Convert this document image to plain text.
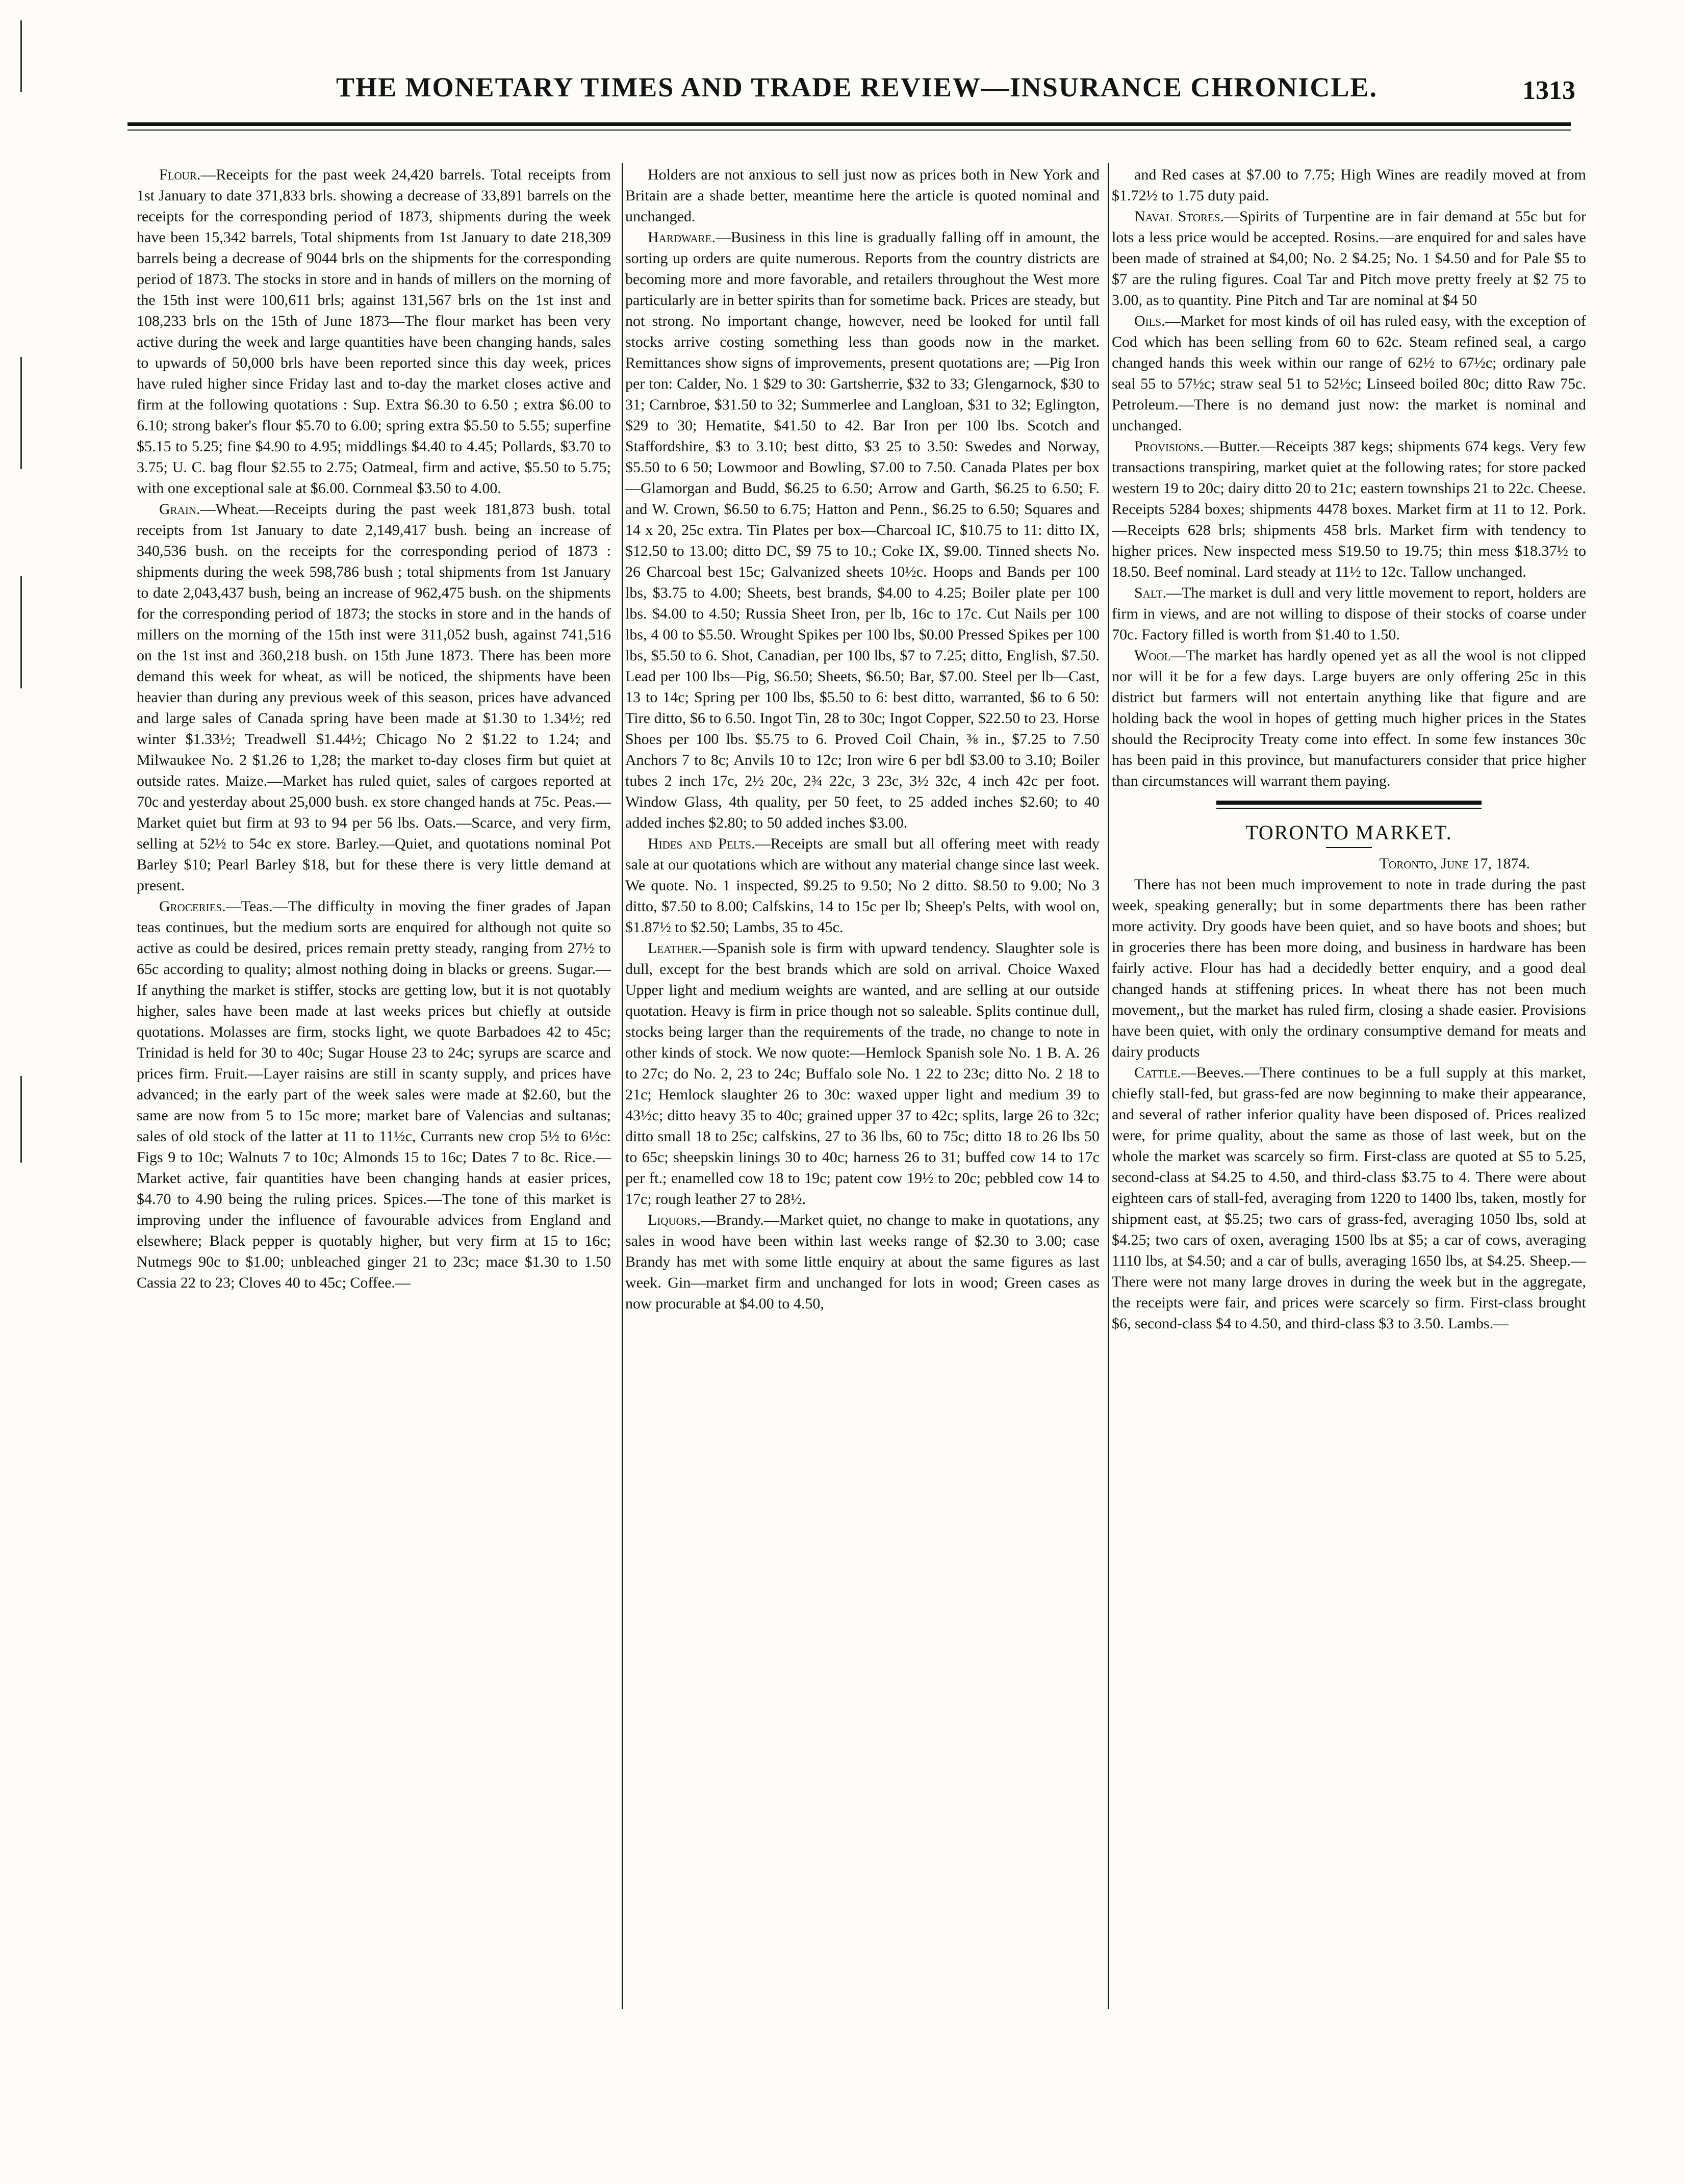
THE MONETARY TIMES AND TRADE REVIEW—INSURANCE CHRONICLE.	1313

Flour.—Receipts for the past week 24,420 barrels. Total receipts from 1st January to date 371,833 brls. showing a decrease of 33,891 barrels on the receipts for the corresponding period of 1873, shipments during the week have been 15,342 barrels, Total shipments from 1st January to date 218,309 barrels being a decrease of 9044 brls on the shipments for the corresponding period of 1873. The stocks in store and in hands of millers on the morning of the 15th inst were 100,611 brls; against 131,567 brls on the 1st inst and 108,233 brls on the 15th of June 1873—The flour market has been very active during the week and large quantities have been changing hands, sales to upwards of 50,000 brls have been reported since this day week, prices have ruled higher since Friday last and to-day the market closes active and firm at the following quotations : Sup. Extra $6.30 to 6.50 ; extra $6.00 to 6.10; strong baker's flour $5.70 to 6.00; spring extra $5.50 to 5.55; superfine $5.15 to 5.25; fine $4.90 to 4.95; middlings $4.40 to 4.45; Pollards, $3.70 to 3.75; U. C. bag flour $2.55 to 2.75; Oatmeal, firm and active, $5.50 to 5.75; with one exceptional sale at $6.00. Cornmeal $3.50 to 4.00.

Grain.—Wheat.—Receipts during the past week 181,873 bush. total receipts from 1st January to date 2,149,417 bush. being an increase of 340,536 bush. on the receipts for the corresponding period of 1873 : shipments during the week 598,786 bush ; total shipments from 1st January to date 2,043,437 bush, being an increase of 962,475 bush. on the shipments for the corresponding period of 1873; the stocks in store and in the hands of millers on the morning of the 15th inst were 311,052 bush, against 741,516 on the 1st inst and 360,218 bush. on 15th June 1873. There has been more demand this week for wheat, as will be noticed, the shipments have been heavier than during any previous week of this season, prices have advanced and large sales of Canada spring have been made at $1.30 to 1.34½; red winter $1.33½; Treadwell $1.44½; Chicago No 2 $1.22 to 1.24; and Milwaukee No. 2 $1.26 to 1,28; the market to-day closes firm but quiet at outside rates. Maize.—Market has ruled quiet, sales of cargoes reported at 70c and yesterday about 25,000 bush. ex store changed hands at 75c. Peas.—Market quiet but firm at 93 to 94 per 56 lbs. Oats.—Scarce, and very firm, selling at 52½ to 54c ex store. Barley.—Quiet, and quotations nominal Pot Barley $10; Pearl Barley $18, but for these there is very little demand at present.

Groceries.—Teas.—The difficulty in moving the finer grades of Japan teas continues, but the medium sorts are enquired for although not quite so active as could be desired, prices remain pretty steady, ranging from 27½ to 65c according to quality; almost nothing doing in blacks or greens. Sugar.—If anything the market is stiffer, stocks are getting low, but it is not quotably higher, sales have been made at last weeks prices but chiefly at outside quotations. Molasses are firm, stocks light, we quote Barbadoes 42 to 45c; Trinidad is held for 30 to 40c; Sugar House 23 to 24c; syrups are scarce and prices firm. Fruit.—Layer raisins are still in scanty supply, and prices have advanced; in the early part of the week sales were made at $2.60, but the same are now from 5 to 15c more; market bare of Valencias and sultanas; sales of old stock of the latter at 11 to 11½c, Currants new crop 5½ to 6½c: Figs 9 to 10c; Walnuts 7 to 10c; Almonds 15 to 16c; Dates 7 to 8c. Rice.—Market active, fair quantities have been changing hands at easier prices, $4.70 to 4.90 being the ruling prices. Spices.—The tone of this market is improving under the influence of favourable advices from England and elsewhere; Black pepper is quotably higher, but very firm at 15 to 16c; Nutmegs 90c to $1.00; unbleached ginger 21 to 23c; mace $1.30 to 1.50 Cassia 22 to 23; Cloves 40 to 45c; Coffee.—

Holders are not anxious to sell just now as prices both in New York and Britain are a shade better, meantime here the article is quoted nominal and unchanged.

Hardware.—Business in this line is gradually falling off in amount, the sorting up orders are quite numerous. Reports from the country districts are becoming more and more favorable, and retailers throughout the West more particularly are in better spirits than for sometime back. Prices are steady, but not strong. No important change, however, need be looked for until fall stocks arrive costing something less than goods now in the market. Remittances show signs of improvements, present quotations are; —Pig Iron per ton: Calder, No. 1 $29 to 30: Gartsherrie, $32 to 33; Glengarnock, $30 to 31; Carnbroe, $31.50 to 32; Summerlee and Langloan, $31 to 32; Eglington, $29 to 30; Hematite, $41.50 to 42. Bar Iron per 100 lbs. Scotch and Staffordshire, $3 to 3.10; best ditto, $3 25 to 3.50: Swedes and Norway, $5.50 to 6 50; Lowmoor and Bowling, $7.00 to 7.50. Canada Plates per box—Glamorgan and Budd, $6.25 to 6.50; Arrow and Garth, $6.25 to 6.50; F. and W. Crown, $6.50 to 6.75; Hatton and Penn., $6.25 to 6.50; Squares and 14 x 20, 25c extra. Tin Plates per box—Charcoal IC, $10.75 to 11: ditto IX, $12.50 to 13.00; ditto DC, $9 75 to 10.; Coke IX, $9.00. Tinned sheets No. 26 Charcoal best 15c; Galvanized sheets 10½c. Hoops and Bands per 100 lbs, $3.75 to 4.00; Sheets, best brands, $4.00 to 4.25; Boiler plate per 100 lbs. $4.00 to 4.50; Russia Sheet Iron, per lb, 16c to 17c. Cut Nails per 100 lbs, 4 00 to $5.50. Wrought Spikes per 100 lbs, $0.00 Pressed Spikes per 100 lbs, $5.50 to 6. Shot, Canadian, per 100 lbs, $7 to 7.25; ditto, English, $7.50. Lead per 100 lbs—Pig, $6.50; Sheets, $6.50; Bar, $7.00. Steel per lb—Cast, 13 to 14c; Spring per 100 lbs, $5.50 to 6: best ditto, warranted, $6 to 6 50: Tire ditto, $6 to 6.50. Ingot Tin, 28 to 30c; Ingot Copper, $22.50 to 23. Horse Shoes per 100 lbs. $5.75 to 6. Proved Coil Chain, ⅜ in., $7.25 to 7.50 Anchors 7 to 8c; Anvils 10 to 12c; Iron wire 6 per bdl $3.00 to 3.10; Boiler tubes 2 inch 17c, 2½ 20c, 2¾ 22c, 3 23c, 3½ 32c, 4 inch 42c per foot. Window Glass, 4th quality, per 50 feet, to 25 added inches $2.60; to 40 added inches $2.80; to 50 added inches $3.00.

Hides and Pelts.—Receipts are small but all offering meet with ready sale at our quotations which are without any material change since last week. We quote. No. 1 inspected, $9.25 to 9.50; No 2 ditto. $8.50 to 9.00; No 3 ditto, $7.50 to 8.00; Calfskins, 14 to 15c per lb; Sheep's Pelts, with wool on, $1.87½ to $2.50; Lambs, 35 to 45c.

Leather.—Spanish sole is firm with upward tendency. Slaughter sole is dull, except for the best brands which are sold on arrival. Choice Waxed Upper light and medium weights are wanted, and are selling at our outside quotation. Heavy is firm in price though not so saleable. Splits continue dull, stocks being larger than the requirements of the trade, no change to note in other kinds of stock. We now quote:—Hemlock Spanish sole No. 1 B. A. 26 to 27c; do No. 2, 23 to 24c; Buffalo sole No. 1 22 to 23c; ditto No. 2 18 to 21c; Hemlock slaughter 26 to 30c: waxed upper light and medium 39 to 43½c; ditto heavy 35 to 40c; grained upper 37 to 42c; splits, large 26 to 32c; ditto small 18 to 25c; calfskins, 27 to 36 lbs, 60 to 75c; ditto 18 to 26 lbs 50 to 65c; sheepskin linings 30 to 40c; harness 26 to 31; buffed cow 14 to 17c per ft.; enamelled cow 18 to 19c; patent cow 19½ to 20c; pebbled cow 14 to 17c; rough leather 27 to 28½.

Liquors.—Brandy.—Market quiet, no change to make in quotations, any sales in wood have been within last weeks range of $2.30 to 3.00; case Brandy has met with some little enquiry at about the same figures as last week. Gin—market firm and unchanged for lots in wood; Green cases as now procurable at $4.00 to 4.50,

and Red cases at $7.00 to 7.75; High Wines are readily moved at from $1.72½ to 1.75 duty paid.

Naval Stores.—Spirits of Turpentine are in fair demand at 55c but for lots a less price would be accepted. Rosins.—are enquired for and sales have been made of strained at $4,00; No. 2 $4.25; No. 1 $4.50 and for Pale $5 to $7 are the ruling figures. Coal Tar and Pitch move pretty freely at $2 75 to 3.00, as to quantity. Pine Pitch and Tar are nominal at $4 50

Oils.—Market for most kinds of oil has ruled easy, with the exception of Cod which has been selling from 60 to 62c. Steam refined seal, a cargo changed hands this week within our range of 62½ to 67½c; ordinary pale seal 55 to 57½c; straw seal 51 to 52½c; Linseed boiled 80c; ditto Raw 75c. Petroleum.—There is no demand just now: the market is nominal and unchanged.

Provisions.—Butter.—Receipts 387 kegs; shipments 674 kegs. Very few transactions transpiring, market quiet at the following rates; for store packed western 19 to 20c; dairy ditto 20 to 21c; eastern townships 21 to 22c. Cheese. Receipts 5284 boxes; shipments 4478 boxes. Market firm at 11 to 12. Pork.—Receipts 628 brls; shipments 458 brls. Market firm with tendency to higher prices. New inspected mess $19.50 to 19.75; thin mess $18.37½ to 18.50. Beef nominal. Lard steady at 11½ to 12c. Tallow unchanged.

Salt.—The market is dull and very little movement to report, holders are firm in views, and are not willing to dispose of their stocks of coarse under 70c. Factory filled is worth from $1.40 to 1.50.

Wool—The market has hardly opened yet as all the wool is not clipped nor will it be for a few days. Large buyers are only offering 25c in this district but farmers will not entertain anything like that figure and are holding back the wool in hopes of getting much higher prices in the States should the Reciprocity Treaty come into effect. In some few instances 30c has been paid in this province, but manufacturers consider that price higher than circumstances will warrant them paying.

TORONTO MARKET.

Toronto, June 17, 1874.

There has not been much improvement to note in trade during the past week, speaking generally; but in some departments there has been rather more activity. Dry goods have been quiet, and so have boots and shoes; but in groceries there has been more doing, and business in hardware has been fairly active. Flour has had a decidedly better enquiry, and a good deal changed hands at stiffening prices. In wheat there has not been much movement,, but the market has ruled firm, closing a shade easier. Provisions have been quiet, with only the ordinary consumptive demand for meats and dairy products

Cattle.—Beeves.—There continues to be a full supply at this market, chiefly stall-fed, but grass-fed are now beginning to make their appearance, and several of rather inferior quality have been disposed of. Prices realized were, for prime quality, about the same as those of last week, but on the whole the market was scarcely so firm. First-class are quoted at $5 to 5.25, second-class at $4.25 to 4.50, and third-class $3.75 to 4. There were about eighteen cars of stall-fed, averaging from 1220 to 1400 lbs, taken, mostly for shipment east, at $5.25; two cars of grass-fed, averaging 1050 lbs, sold at $4.25; two cars of oxen, averaging 1500 lbs at $5; a car of cows, averaging 1110 lbs, at $4.50; and a car of bulls, averaging 1650 lbs, at $4.25. Sheep.—There were not many large droves in during the week but in the aggregate, the receipts were fair, and prices were scarcely so firm. First-class brought $6, second-class $4 to 4.50, and third-class $3 to 3.50. Lambs.—
